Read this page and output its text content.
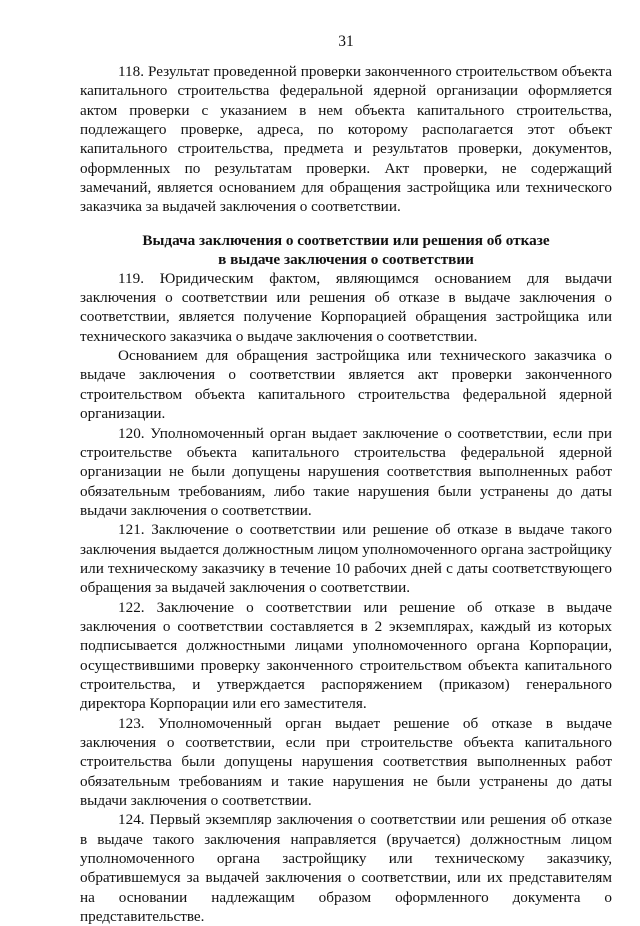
31

118. Результат проведенной проверки законченного строительством объекта капитального строительства федеральной ядерной организации оформляется актом проверки с указанием в нем объекта капитального строительства, подлежащего проверке, адреса, по которому располагается этот объект капитального строительства, предмета и результатов проверки, документов, оформленных по результатам проверки. Акт проверки, не содержащий замечаний, является основанием для обращения застройщика или технического заказчика за выдачей заключения о соответствии.

Выдача заключения о соответствии или решения об отказе
в выдаче заключения о соответствии

119. Юридическим фактом, являющимся основанием для выдачи заключения о соответствии или решения об отказе в выдаче заключения о соответствии, является получение Корпорацией обращения застройщика или технического заказчика о выдаче заключения о соответствии.

Основанием для обращения застройщика или технического заказчика о выдаче заключения о соответствии является акт проверки законченного строительством объекта капитального строительства федеральной ядерной организации.

120. Уполномоченный орган выдает заключение о соответствии, если при строительстве объекта капитального строительства федеральной ядерной организации не были допущены нарушения соответствия выполненных работ обязательным требованиям, либо такие нарушения были устранены до даты выдачи заключения о соответствии.

121. Заключение о соответствии или решение об отказе в выдаче такого заключения выдается должностным лицом уполномоченного органа застройщику или техническому заказчику в течение 10 рабочих дней с даты соответствующего обращения за выдачей заключения о соответствии.

122. Заключение о соответствии или решение об отказе в выдаче заключения о соответствии составляется в 2 экземплярах, каждый из которых подписывается должностными лицами уполномоченного органа Корпорации, осуществившими проверку законченного строительством объекта капитального строительства, и утверждается распоряжением (приказом) генерального директора Корпорации или его заместителя.

123. Уполномоченный орган выдает решение об отказе в выдаче заключения о соответствии, если при строительстве объекта капитального строительства были допущены нарушения соответствия выполненных работ обязательным требованиям и такие нарушения не были устранены до даты выдачи заключения о соответствии.

124. Первый экземпляр заключения о соответствии или решения об отказе в выдаче такого заключения направляется (вручается) должностным лицом уполномоченного органа застройщику или техническому заказчику, обратившемуся за выдачей заключения о соответствии, или их представителям на основании надлежащим образом оформленного документа о представительстве.
